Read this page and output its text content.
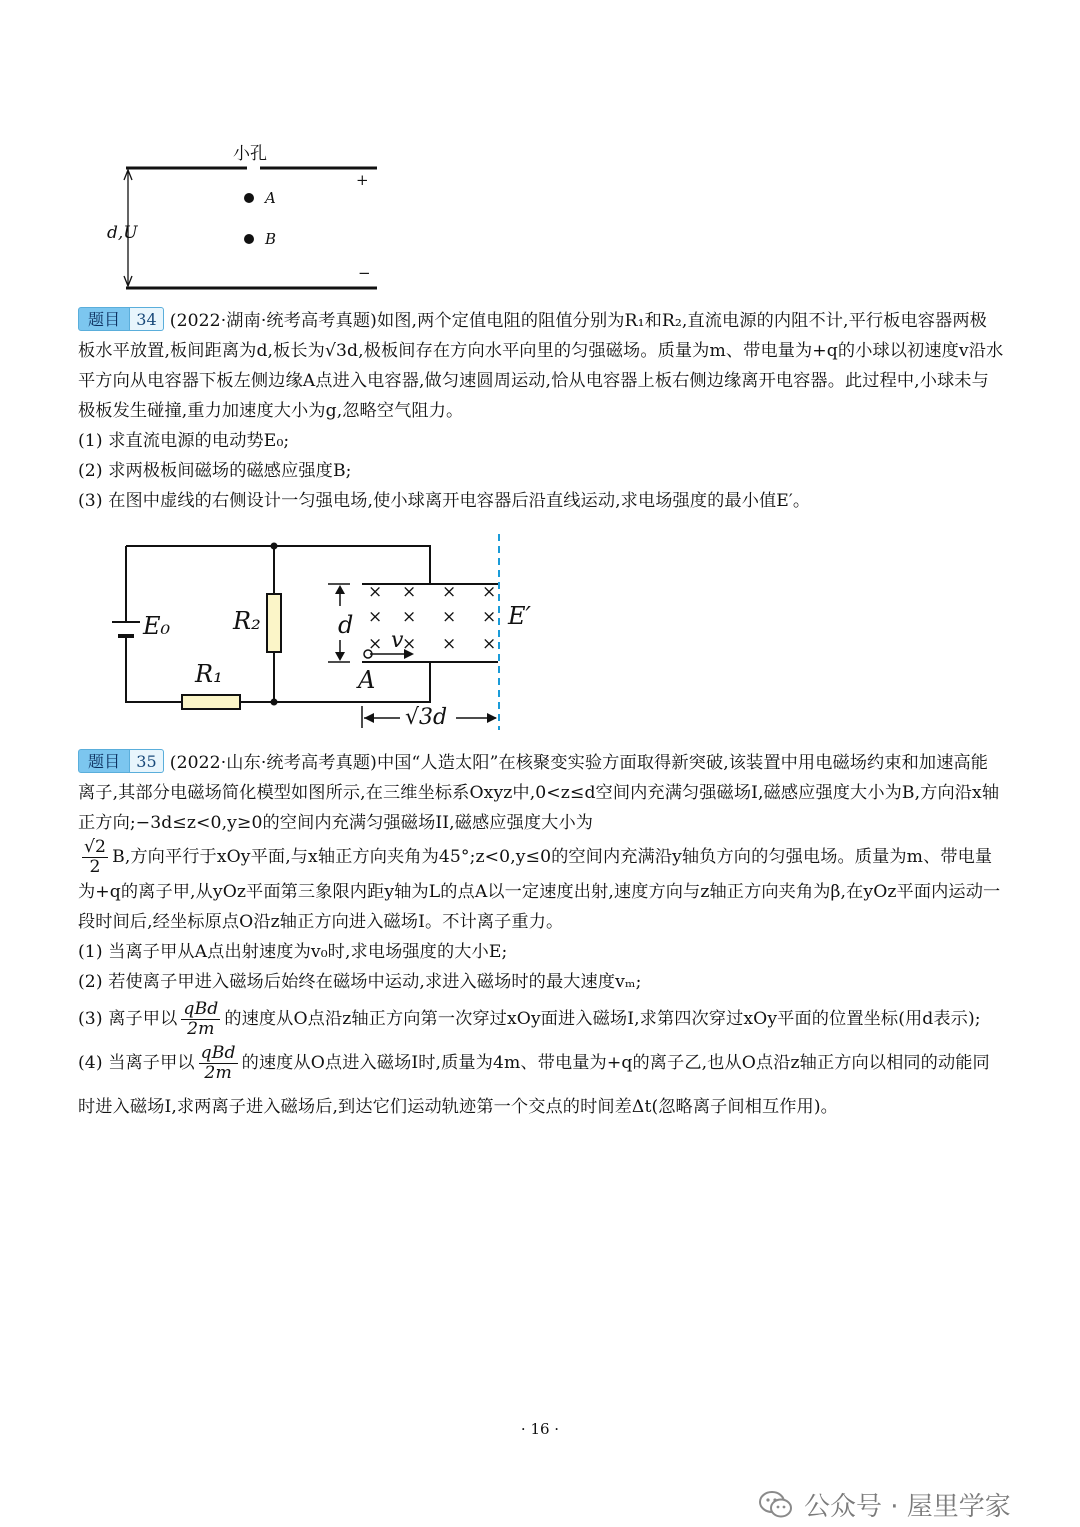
小孔
+
−
A
B
d,U

题目	34 (2022·湖南·统考高考真题)如图,两个定值电阻的阻值分别为R₁和R₂,直流电源的内阻不计,平行板电容器两极板水平放置,板间距离为d,板长为√3d,极板间存在方向水平向里的匀强磁场。质量为m、带电量为+q的小球以初速度v沿水平方向从电容器下板左侧边缘A点进入电容器,做匀速圆周运动,恰从电容器上板右侧边缘离开电容器。此过程中,小球未与极板发生碰撞,重力加速度大小为g,忽略空气阻力。

(1) 求直流电源的电动势E₀;

(2) 求两极板间磁场的磁感应强度B;

(3) 在图中虚线的右侧设计一匀强电场,使小球离开电容器后沿直线运动,求电场强度的最小值E′。

× × × ×
× × × ×
× × × ×
E₀	R₂
R₁
d
v
A
E′
√3d

题目	35 (2022·山东·统考高考真题)中国“人造太阳”在核聚变实验方面取得新突破,该装置中用电磁场约束和加速高能离子,其部分电磁场简化模型如图所示,在三维坐标系Oxyz中,0<z≤d空间内充满匀强磁场I,磁感应强度大小为B,方向沿x轴正方向;−3d≤z<0,y≥0的空间内充满匀强磁场II,磁感应强度大小为

$\frac{√2}{2} B$,方向平行于xOy平面,与x轴正方向夹角为45°;z<0,y≤0的空间内充满沿y轴负方向的匀强电场。质量为m、带电量为+q的离子甲,从yOz平面第三象限内距y轴为L的点A以一定速度出射,速度方向与z轴正方向夹角为β,在yOz平面内运动一段时间后,经坐标原点O沿z轴正方向进入磁场I。不计离子重力。

(1) 当离子甲从A点出射速度为v₀时,求电场强度的大小E;

(2) 若使离子甲进入磁场后始终在磁场中运动,求进入磁场时的最大速度vₘ;

(3) 离子甲以 $\frac{\text{qBd}}{2m}$ 的速度从O点沿z轴正方向第一次穿过xOy面进入磁场I,求第四次穿过xOy平面的位置坐标(用d表示);

(4) 当离子甲以 $\frac{\text{qBd}}{2m}$ 的速度从O点进入磁场I时,质量为4m、带电量为+q的离子乙,也从O点沿z轴正方向以相同的动能同时进入磁场I,求两离子进入磁场后,到达它们运动轨迹第一个交点的时间差Δt(忽略离子间相互作用)。

· 16 ·
公众号 · 屋里学家
